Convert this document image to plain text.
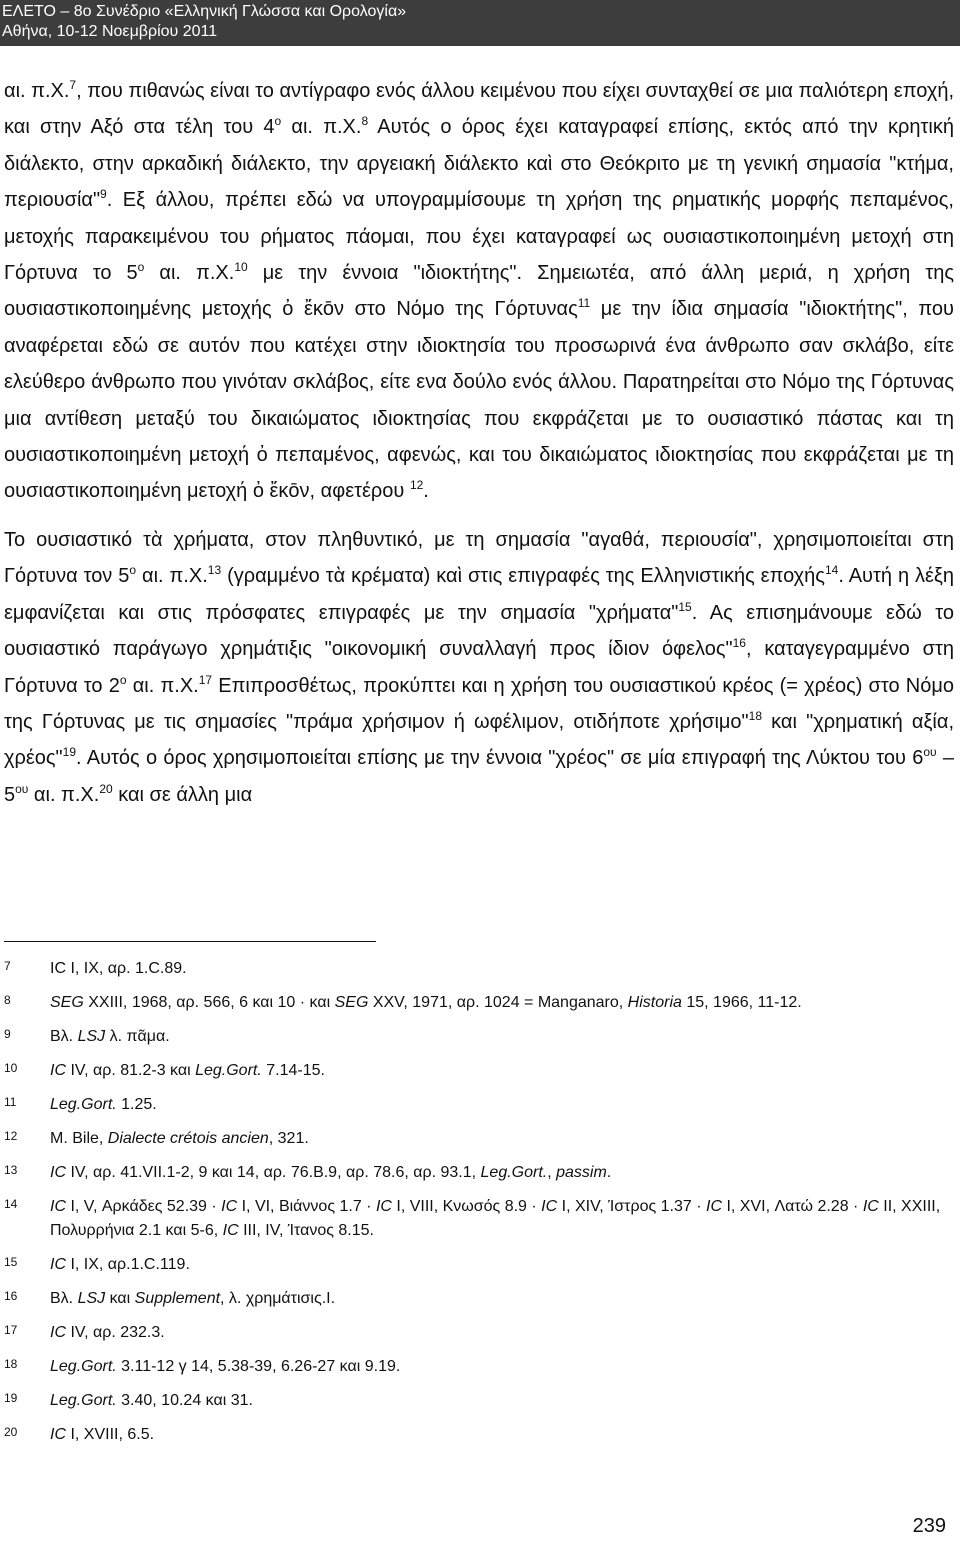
ΕΛΕΤΟ – 8ο Συνέδριο «Ελληνική Γλώσσα και Ορολογία»
Αθήνα, 10-12 Νοεμβρίου 2011

αι. π.Χ.$^7$, που πιθανώς είναι το αντίγραφο ενός άλλου κειμένου που είχει συνταχθεί σε μια παλιότερη εποχή, και στην Αξό στα τέλη του $4^o$ αι. π.Χ.$^8$ Αυτός ο όρος έχει καταγραφεί επίσης, εκτός από την κρητική διάλεκτο, στην αρκαδική διάλεκτο, την αργειακή διάλεκτο καὶ στο Θεόκριτο με τη γενική σημασία "κτήμα, περιουσία"$^9$. Εξ άλλου, πρέπει εδώ να υπογραμμίσουμε τη χρήση της ρηματικής μορφής πεπαμένος, μετοχής παρακειμένου του ρήματος πάομαι, που έχει καταγραφεί ως ουσιαστικοποιημένη μετοχή στη Γόρτυνα το $5^o$ αι. π.Χ.$^{10}$ με την έννοια "ιδιοκτήτης". Σημειωτέα, από άλλη μεριά, η χρήση της ουσιαστικοποιημένης μετοχής ὀ ἔκōν στο Νόμο της Γόρτυνας$^{11}$ με την ίδια σημασία "ιδιοκτήτης", που αναφέρεται εδώ σε αυτόν που κατέχει στην ιδιοκτησία του προσωρινά ένα άνθρωπο σαν σκλάβο, είτε ελεύθερο άνθρωπο που γινόταν σκλάβος, είτε ενα δούλο ενός άλλου. Παρατηρείται στο Νόμο της Γόρτυνας μια αντίθεση μεταξύ του δικαιώματος ιδιοκτησίας που εκφράζεται με το ουσιαστικό πάστας και τη ουσιαστικοποιημένη μετοχή ὀ πεπαμένος, αφενώς, και του δικαιώματος ιδιοκτησίας που εκφράζεται με τη ουσιαστικοποιημένη μετοχή ὀ ἔκōν, αφετέρου $^{12}$.

Το ουσιαστικό τὰ χρήματα, στον πληθυντικό, με τη σημασία "αγαθά, περιουσία", χρησιμοποιείται στη Γόρτυνα τον $5^o$ αι. π.Χ.$^{13}$ (γραμμένο τὰ κρέματα) καὶ στις επιγραφές της Ελληνιστικής εποχής$^{14}$. Αυτή η λέξη εμφανίζεται και στις πρόσφατες επιγραφές με την σημασία "χρήματα"$^{15}$. Ας επισημάνουμε εδώ το ουσιαστικό παράγωγο χρημάτιξις "οικονομική συναλλαγή προς ίδιον όφελος"$^{16}$, καταγεγραμμένο στη Γόρτυνα το $2^o$ αι. π.Χ.$^{17}$ Επιπροσθέτως, προκύπτει και η χρήση του ουσιαστικού κρέος (= χρέος) στο Νόμο της Γόρτυνας με τις σημασίες "πράμα χρήσιμον ή ωφέλιμον, οτιδήποτε χρήσιμο"$^{18}$ και "χρηματική αξία, χρέος"$^{19}$. Αυτός ο όρος χρησιμοποιείται επίσης με την έννοια "χρέος" σε μία επιγραφή της Λύκτου του $6^{o\upsilon} - 5^{o\upsilon}$ αι. π.Χ.$^{20}$ και σε άλλη μια

7	IC I, IX, αρ. 1.C.89.
8	SEG XXIII, 1968, αρ. 566, 6 και 10 · και SEG XXV, 1971, αρ. 1024 = Manganaro, Historia 15, 1966, 11-12.
9	Βλ. LSJ λ. πᾶμα.
10	IC IV, αρ. 81.2-3 και Leg.Gort. 7.14-15.
11	Leg.Gort. 1.25.
12	M. Bile, Dialecte crétois ancien, 321.
13	IC IV, αρ. 41.VII.1-2, 9 και 14, αρ. 76.B.9, αρ. 78.6, αρ. 93.1, Leg.Gort., passim.
14	IC I, V, Αρκάδες 52.39 · IC I, VI, Βιάννος 1.7 · IC I, VIII, Κνωσός 8.9 · IC I, XIV, Ίστρος 1.37 · IC I, XVI, Λατώ 2.28 · IC II, XXIII, Πολυρρήνια 2.1 και 5-6, IC III, IV, Ίτανος 8.15.
15	IC I, IX, αρ.1.C.119.
16	Βλ. LSJ και Supplement, λ. χρημάτισις.I.
17	IC IV, αρ. 232.3.
18	Leg.Gort. 3.11-12 γ 14, 5.38-39, 6.26-27 και 9.19.
19	Leg.Gort. 3.40, 10.24 και 31.
20	IC I, XVIII, 6.5.
239
